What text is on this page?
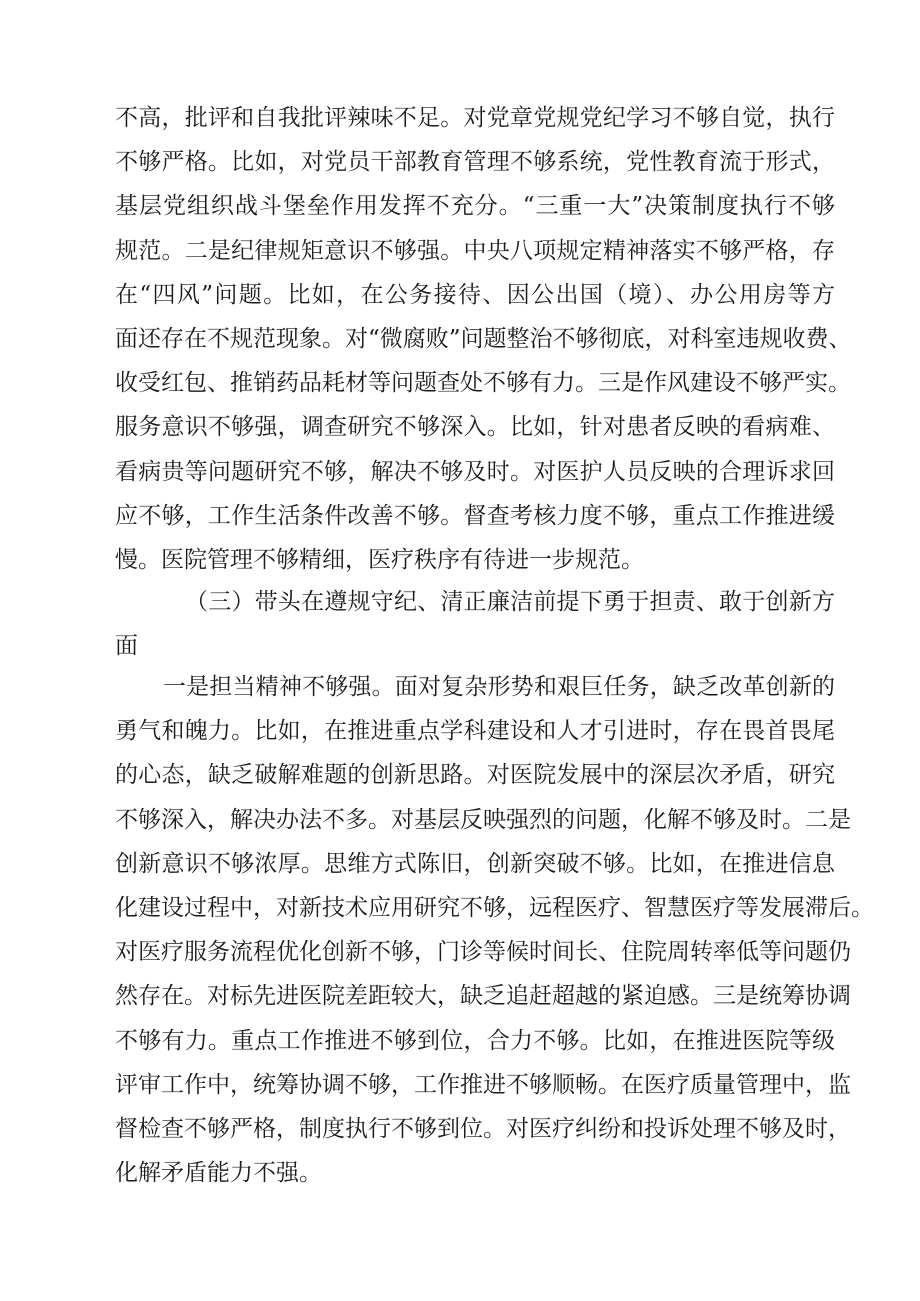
不高，批评和自我批评辣味不足。对党章党规党纪学习不够自觉，执行
不够严格。比如，对党员干部教育管理不够系统，党性教育流于形式，
基层党组织战斗堡垒作用发挥不充分。“三重一大”决策制度执行不够
规范。二是纪律规矩意识不够强。中央八项规定精神落实不够严格，存
在“四风”问题。比如，在公务接待、因公出国（境）、办公用房等方
面还存在不规范现象。对“微腐败”问题整治不够彻底，对科室违规收费、
收受红包、推销药品耗材等问题查处不够有力。三是作风建设不够严实。
服务意识不够强，调查研究不够深入。比如，针对患者反映的看病难、
看病贵等问题研究不够，解决不够及时。对医护人员反映的合理诉求回
应不够，工作生活条件改善不够。督查考核力度不够，重点工作推进缓
慢。医院管理不够精细，医疗秩序有待进一步规范。
（三）带头在遵规守纪、清正廉洁前提下勇于担责、敢于创新方
面
一是担当精神不够强。面对复杂形势和艰巨任务，缺乏改革创新的
勇气和魄力。比如，在推进重点学科建设和人才引进时，存在畏首畏尾
的心态，缺乏破解难题的创新思路。对医院发展中的深层次矛盾，研究
不够深入，解决办法不多。对基层反映强烈的问题，化解不够及时。二是
创新意识不够浓厚。思维方式陈旧，创新突破不够。比如，在推进信息
化建设过程中，对新技术应用研究不够，远程医疗、智慧医疗等发展滞后。
对医疗服务流程优化创新不够，门诊等候时间长、住院周转率低等问题仍
然存在。对标先进医院差距较大，缺乏追赶超越的紧迫感。三是统筹协调
不够有力。重点工作推进不够到位，合力不够。比如，在推进医院等级
评审工作中，统筹协调不够，工作推进不够顺畅。在医疗质量管理中，监
督检查不够严格，制度执行不够到位。对医疗纠纷和投诉处理不够及时，
化解矛盾能力不强。
